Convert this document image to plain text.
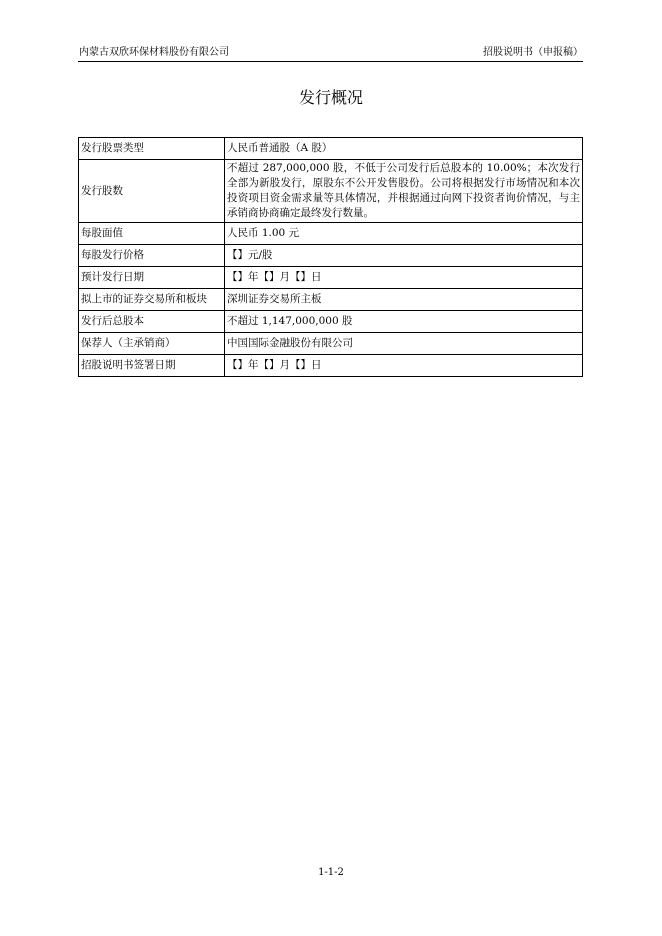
内蒙古双欣环保材料股份有限公司	招股说明书（申报稿）
发行概况
发行股票类型	人民币普通股（A 股）
发行股数	不超过 287,000,000 股，不低于公司发行后总股本的 10.00%；本次发行全部为新股发行，原股东不公开发售股份。公司将根据发行市场情况和本次投资项目资金需求量等具体情况，并根据通过向网下投资者询价情况，与主承销商协商确定最终发行数量。
每股面值	人民币 1.00 元
每股发行价格	【】元/股
预计发行日期	【】年【】月【】日
拟上市的证券交易所和板块	深圳证券交易所主板
发行后总股本	不超过 1,147,000,000 股
保荐人（主承销商）	中国国际金融股份有限公司
招股说明书签署日期	【】年【】月【】日
1-1-2
